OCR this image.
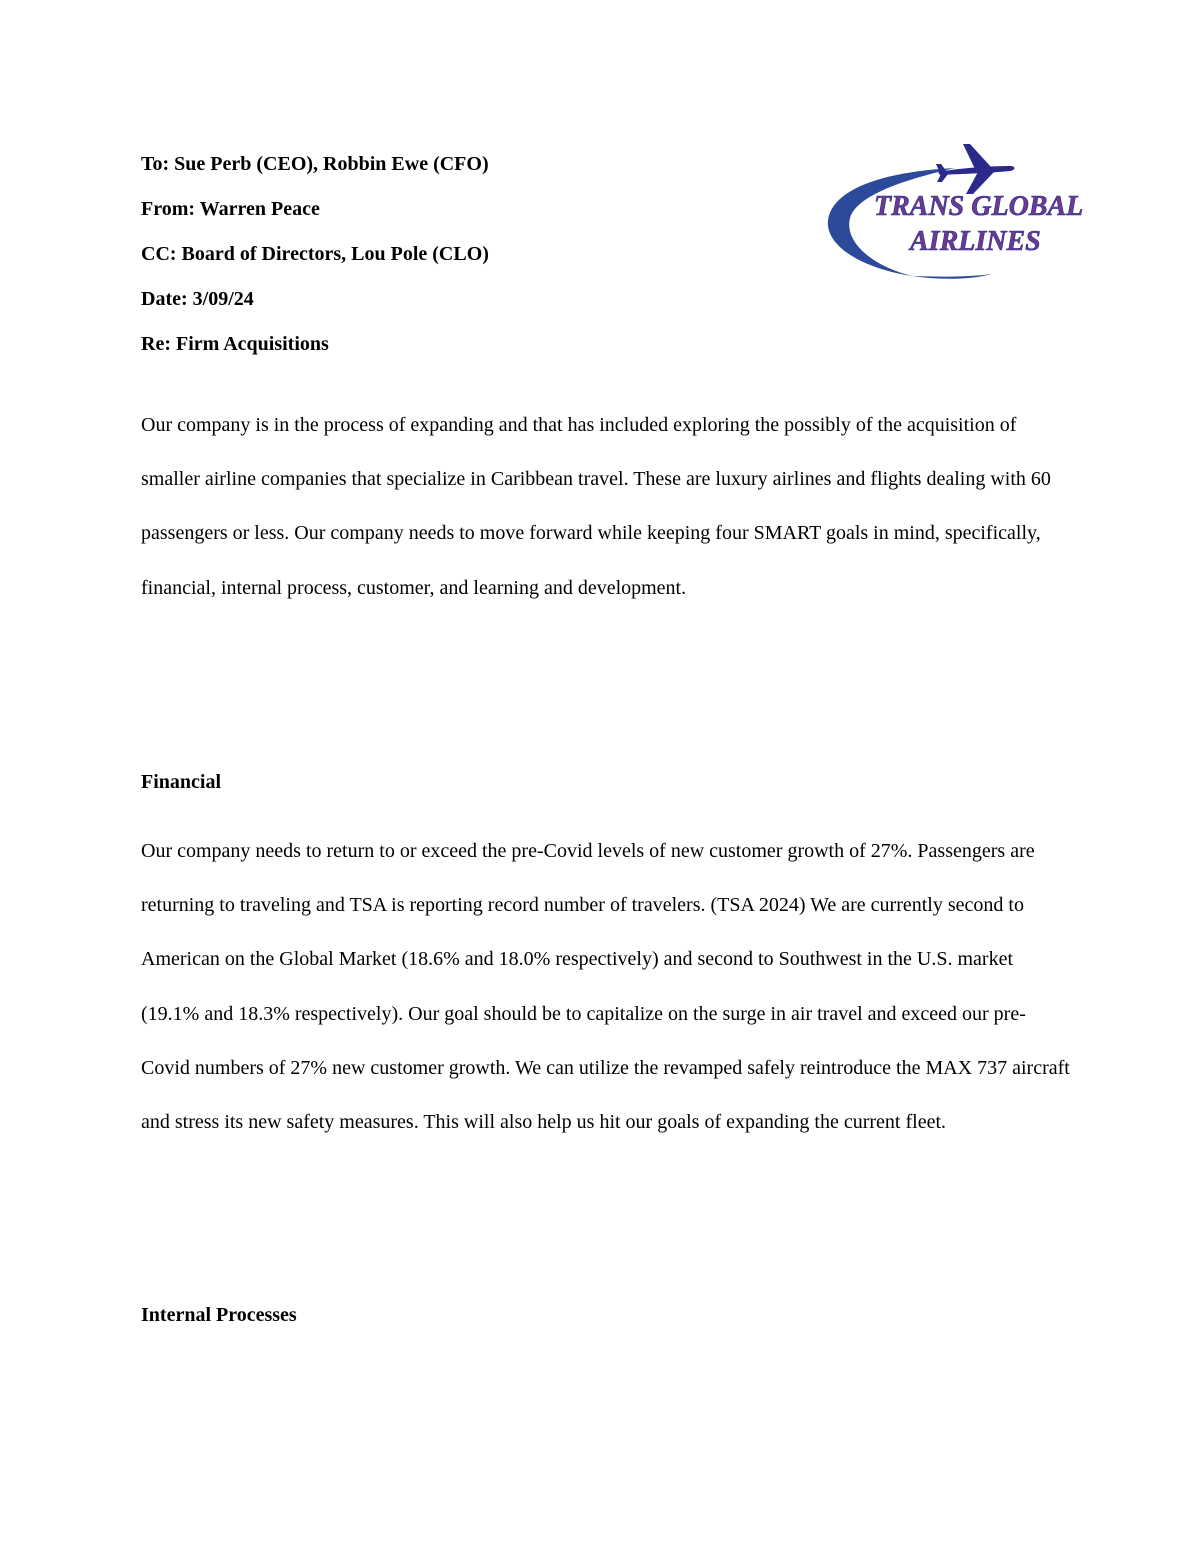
To: Sue Perb (CEO), Robbin Ewe (CFO)
From: Warren Peace
CC: Board of Directors, Lou Pole (CLO)
Date: 3/09/24
Re: Firm Acquisitions
TRANS GLOBAL
AIRLINES

Our company is in the process of expanding and that has included exploring the possibly of the acquisition of smaller airline companies that specialize in Caribbean travel. These are luxury airlines and flights dealing with 60 passengers or less. Our company needs to move forward while keeping four SMART goals in mind, specifically, financial, internal process, customer, and learning and development.

Financial

Our company needs to return to or exceed the pre-Covid levels of new customer growth of 27%. Passengers are returning to traveling and TSA is reporting record number of travelers. (TSA 2024) We are currently second to American on the Global Market (18.6% and 18.0% respectively) and second to Southwest in the U.S. market (19.1% and 18.3% respectively). Our goal should be to capitalize on the surge in air travel and exceed our pre-Covid numbers of 27% new customer growth. We can utilize the revamped safely reintroduce the MAX 737 aircraft and stress its new safety measures. This will also help us hit our goals of expanding the current fleet.

Internal Processes
